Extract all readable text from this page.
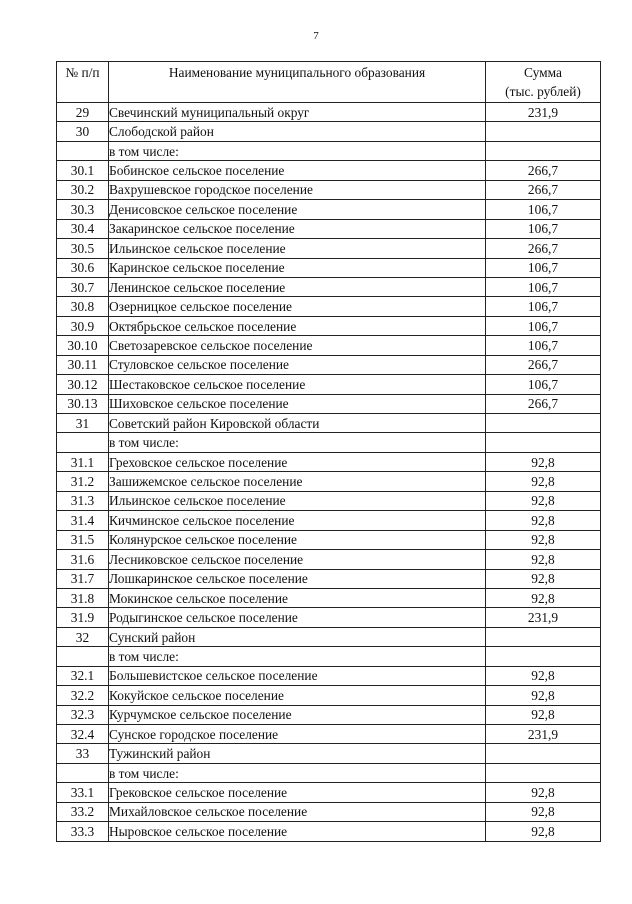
7
№ п/п	Наименование муниципального образования	Сумма
(тыс. рублей)

29	Свечинский муниципальный округ	231,9
30	Слободской район	
	в том числе:	
30.1	Бобинское сельское поселение	266,7
30.2	Вахрушевское городское поселение	266,7
30.3	Денисовское сельское поселение	106,7
30.4	Закаринское сельское поселение	106,7
30.5	Ильинское сельское поселение	266,7
30.6	Каринское сельское поселение	106,7
30.7	Ленинское сельское поселение	106,7
30.8	Озерницкое сельское поселение	106,7
30.9	Октябрьское сельское поселение	106,7
30.10	Светозаревское сельское поселение	106,7
30.11	Стуловское сельское поселение	266,7
30.12	Шестаковское сельское поселение	106,7
30.13	Шиховское сельское поселение	266,7
31	Советский район Кировской области	
	в том числе:	
31.1	Греховское сельское поселение	92,8
31.2	Зашижемское сельское поселение	92,8
31.3	Ильинское сельское поселение	92,8
31.4	Кичминское сельское поселение	92,8
31.5	Колянурское сельское поселение	92,8
31.6	Лесниковское сельское поселение	92,8
31.7	Лошкаринское сельское поселение	92,8
31.8	Мокинское сельское поселение	92,8
31.9	Родыгинское сельское поселение	231,9
32	Сунский район	
	в том числе:	
32.1	Большевистское сельское поселение	92,8
32.2	Кокуйское сельское поселение	92,8
32.3	Курчумское сельское поселение	92,8
32.4	Сунское городское поселение	231,9
33	Тужинский район	
	в том числе:	
33.1	Грековское сельское поселение	92,8
33.2	Михайловское сельское поселение	92,8
33.3	Ныровское сельское поселение	92,8
